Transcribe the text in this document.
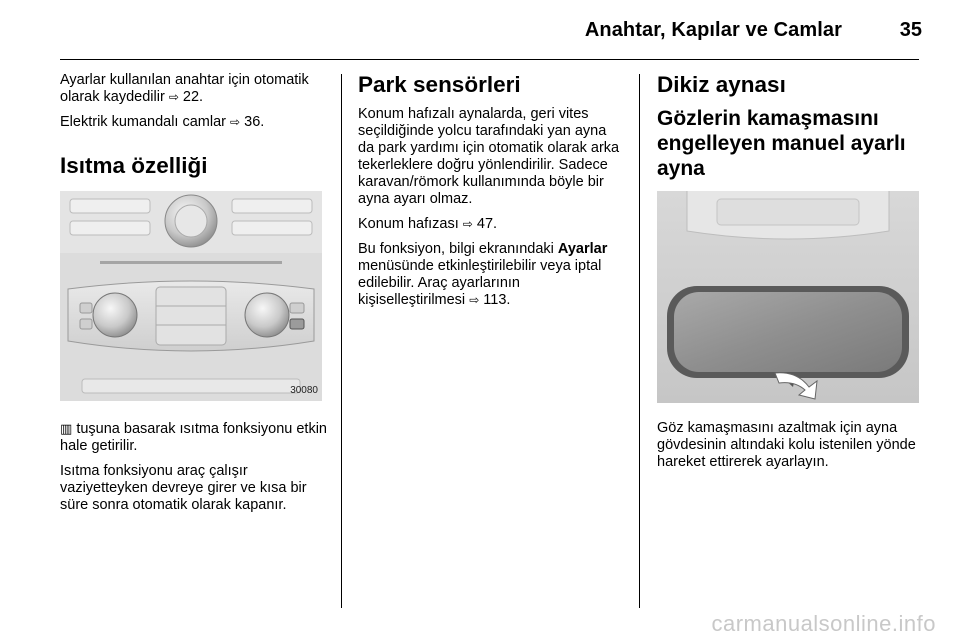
Anahtar, Kapılar ve Camlar	35

Ayarlar kullanılan anahtar için otomatik olarak kaydedilir ⇨ 22.

Elektrik kumandalı camlar ⇨ 36.

Isıtma özelliği
30080

▥ tuşuna basarak ısıtma fonksiyonu etkin hale getirilir.

Isıtma fonksiyonu araç çalışır vaziyetteyken devreye girer ve kısa bir süre sonra otomatik olarak kapanır.

Park sensörleri

Konum hafızalı aynalarda, geri vites seçildiğinde yolcu tarafındaki yan ayna da park yardımı için otomatik olarak arka tekerleklere doğru yönlendirilir. Sadece karavan/römork kullanımında böyle bir ayna ayarı olmaz.

Konum hafızası ⇨ 47.

Bu fonksiyon, bilgi ekranındaki Ayarlar menüsünde etkinleştirilebilir veya iptal edilebilir. Araç ayarlarının kişiselleştirilmesi ⇨ 113.

Dikiz aynası
Gözlerin kamaşmasını engelleyen manuel ayarlı ayna

Göz kamaşmasını azaltmak için ayna gövdesinin altındaki kolu istenilen yönde hareket ettirerek ayarlayın.

carmanualsonline.info
